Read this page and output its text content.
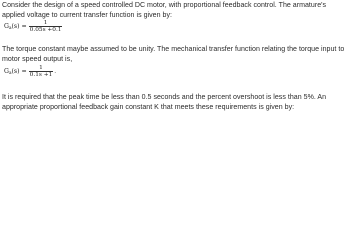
Consider the design of a speed controlled DC motor, with proportional feedback control. The armature's applied voltage to current transfer function is given by:

$G_a(s) = \frac{1}{0.05s +0.1}$

The torque constant maybe assumed to be unity. The mechanical transfer function relating the torque input to motor speed output is,

$G_a(s) = \frac{1}{0.1s +1}$ .

It is required that the peak time be less than 0.5 seconds and the percent overshoot is less than 5%. An appropriate proportional feedback gain constant K that meets these requirements is given by:
